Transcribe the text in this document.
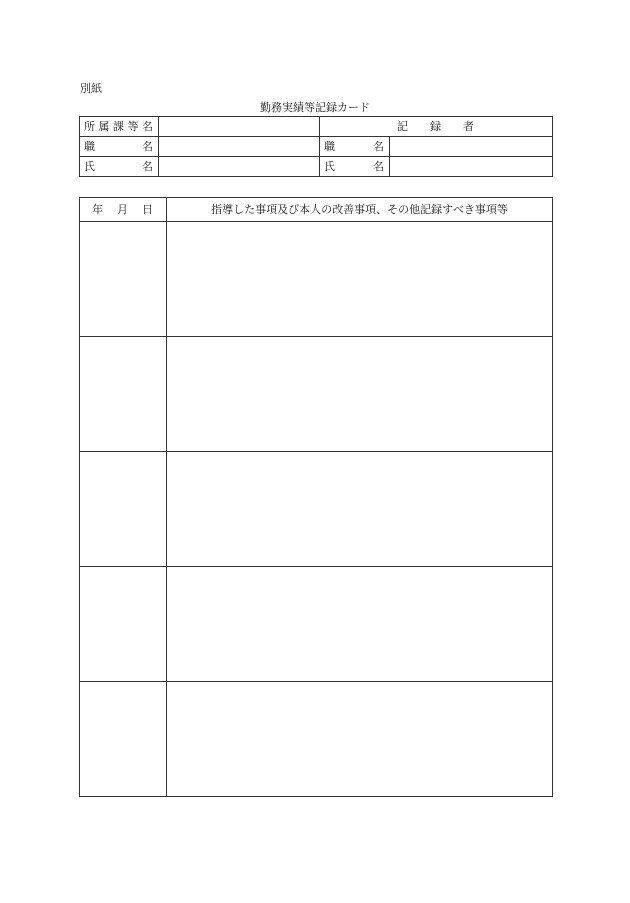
別紙
勤務実績等記録カード
所 属 課 等 名		記 録 者	

職 名		職 名	

氏 名		氏 名	

年 月 日	指導した事項及び本人の改善事項、その他記録すべき事項等
